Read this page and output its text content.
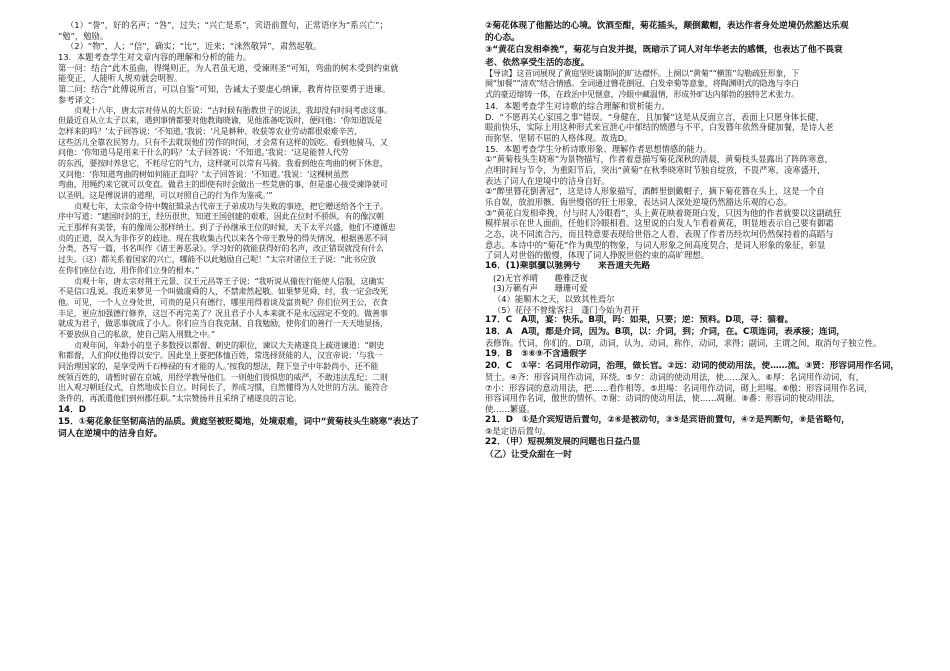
（1）“誉”，好的名声；“咎”，过失；“兴亡是系”，宾语前置句，正常语序为“系兴亡”；
“勉”，勉励。
（2）“物”，人；“信”，确实；“比”，近来；“涞然敬异”，肃然起敬。
13．本题考查学生对文章内容的理解和分析的能力。
第一问：结合“此木虽曲，得绳则正，为人君虽无道，受谏则圣”可知，弯曲的树木受到约束就
能变正，人能听人规劝就会明智。
第二问：结合“此傅说所言，可以自鉴”可知，告诫太子要虚心纳谏，教育侍臣要勇于进谏。
参考译文：
贞观十八年，唐太宗对侍从的大臣说：“古时候有胎教世子的说法，我却没有时间考虑这事。
但最近自从立太子以来，遇到事情都要对他教诲晓谕，见他准备吃饭时，便问他：‘你知道饭是
怎样来的吗？’太子回答说：‘不知道。’我说：‘凡是耕种、收获等农业劳动都很艰难辛苦，
这些活儿全靠农民努力。只有不去耽误他们劳作的时间，才会常有这样的饭吃。看到他骑马，又
问他：‘你知道马是用来干什么的吗？’太子回答说：‘不知道。’我说：‘这是能替人代劳
的东西，要按时养息它，不耗尽它的气力，这样就可以常有马骑。我看到他在弯曲的树下休息，
又问他：‘你知道弯曲的树如何能正直吗？’太子回答说：‘不知道。’我说：‘这棵树虽然
弯曲，用绳约来它就可以变直。做君主的即使有时会做出一些荒唐的事，但是虚心接受谏诤就可
以圣明。这是傅说讲的道理，可以对照自己的行为作为鉴戒。’”
贞观七年，太宗命令侍中魏征辑录古代帝王子弟成功与失败的事迹，把它赠送给各个王子。
序中写道：“建国时封的王，经历很世，知道王国创建的艰难，因此在位时不骄纵。有的像汉朝
元王那样有美誉，有的像周公那样纳士。到了子孙继承王位的时候，天下太平兴盛，他们不遵循忠
贞的正道，误入为非作歹的歧途。现在我收集古代以来各个帝王教导的得失情况，根据善恶不同
分类，各写一篇，书名叫作《诸王善恶录》。学习好的就能获得好的名声，改正错误就没有什么
过失。（这）都关系着国家的兴亡，哪能不以此勉励自己呢！”太宗对诸位王子说：“此书应放
在你们座位右边，用作你们立身的根本。”
贞观十年，唐太宗对荆王元景、汉王元昌等王子说：“我听说从僮佐行能使人信服，这确实
不是信口乱说。我近来梦见一个叫做虞舜的人，不禁肃然起敬。如果梦见舜、纣，我一定会改死
他。可见，一个人立身处世，可贵的是只有德行，哪里用得着谈及富贵呢？你们位列王公，衣食
丰足，更应加强德行修养，这岂不再完美了？况且君子小人本来就不是永远固定不变的。做善事
就成为君子，做恶事就成了小人。你们应当自我克制、自我勉励，使你们的善行一天天地显扬，
不要放纵自己的私欲，使自己陷入刑戮之中。”
贞观年间，年龄小的皇子多数授以都督、刺史的职位，谏议大夫褚遂良上疏进谏道：“刺史
和都督，人们仰仗他得以安宁。因此皇上要把体恤百姓，常选择贤能的人，汉宣帝说：‘与我一
同治理国家的，是享受两千石棒禄的有才能的人。’按我的想法，陛下皇子中年龄尚小，还不能
统领百姓的，请暂时留在京城，用经学教导他们。一则他们畏惧您的威严，不敢违法乱纪；二则
出入观习朝廷仪式，自然地成长自立。时间长了，养成习惯，自然懂得为人处世的方法。能符合
条件的，再派遣他们到州郡任职。”太宗赞扬并且采纳了褚遂良的言论。
14．D
15．①菊花象征坚韧高洁的品质。黄庭坚被贬蜀地，处境艰难，词中“黄菊枝头生晓寒”表达了
词人在逆境中的洁身自好。
②菊花体现了他豁达的心境。饮酒至酣，菊花插头，颠倒戴帽，表达作者身处逆境仍然豁达乐观
的心态。
③“黄花白发相牵挽”，菊花与白发并提，既暗示了词人对年华老去的感慨，也表达了他不畏衰
老、依然享受生活的态度。
【导读】这首词展现了黄庭坚贬谪期间的旷达襟怀。上阕以“黄菊”“横笛”勾勒疏狂形象，下
阕“加餐”“清欢”结合情感。全词通过簪花倒冠、白发牵菊等意象，将陶渊明式的隐逸与李白
式的豪迈熔铸一体，在政治中见惬意，冷眼中藏温情，形成外旷达内郁勃的独特艺术张力。
14．本题考查学生对诗歌的综合理解和赏析能力。
D．“不愿再关心家国之事”错误。“身健在，且加餐”这是从反面立言，表面上只愿身体长健，
眼前快乐，实际上用这种形式来宣泄心中郁结的愤懑与不平，白发簪年依然身健加餐，是诗人老
而弥坚、坚韧不屈的人格体现。故选D。
15．本题考查学生分析诗歌形象、理解作者思想情感的能力。
①“黄菊枝头生晓寒”为景物描写，作者着意描写菊花深秋的清晨，黄菊枝头显露出了阵阵寒意，
点明时间与节令，为重阳节后，突出“黄菊”在秋季晓寒时节独自绽放，不畏严寒，凌寒盛开，
表达了词人在逆境中的洁身自好。
②“醉里簪花倒著冠”，这是诗人形象描写，酒醉里倒戴帽子，摘下菊花簪在头上，这是一个自
乐自娱，放浪形骸、侮世慢俗的狂士形象，表达词人深处逆境仍然豁达乐观的心态。
③“黄花白发相牵挽，付与时人冷眼看”，头上黄花映着斑斑白发，只因为他的作者就要以这副疏狂
模样展示在世人面前，任他们冷眼相看。这里说的白发人乍看着黄花，明显地表示自己要有御霜
之态，决不同流合污，而且特意要表现给世俗之人看，表现了作者历经坎坷仍然保持着的高蹈与
意志。本诗中的“菊花”作为典型的物象，与词人形象之间高度契合，是词人形象的象征，彰显
了词人对世俗的傲慢，体现了词人挣脱世俗约束的高旷理想。
16．(1)乘骐骥以驰骋兮　　来吾道夫先路
(2)无官养晴　　趣雅泛夜
(3)万籁有声　　珊珊可爱
（4）能顺木之天，以致其性焉尔
（5）花径不曾缘客扫　蓬门今始为君开
17．C　A项，宴：快乐。B项，吗：如果，只要；逆：预料。D项，寻：循着。
18．A　A项，都是介词，因为。B项，以：介词，到；介词，在。C项连词，表承接；连词，
表修饰。代词，你们的。D项，动词，认为，动词，称作，动词，求得；副词，主谓之间，取消句子独立性。
19．B　⑤⑥⑨不含通假字
20．C　①宰：名词用作动词，治理，做长官。②远：动词的使动用法，使……流。③贤：形容词用作名词，
贤士。④齐：形容词用作动词，环绕。⑤夕：动词的使动用法，使……深入。⑥厚：名词用作动词，有，
⑦小：形容词的意动用法，把……看作相等。⑤坦埸：名词用作动词，砌上坦埸。⑥傲：形容词用作名词，
形容词用作名词，傲世的情怀。⑦谢：动词的使动用法，使……凋谢。⑧番：形容词的使动用法，
使……繁盛。
21．D　①是介宾短语后置句，②⑥是被动句，③⑤是宾语前置句，④⑦是判断句，⑧是省略句，
⑨是定语后置句。
22．（甲）短视频发展的问题也日益凸显
（乙）让受众甜在一时
